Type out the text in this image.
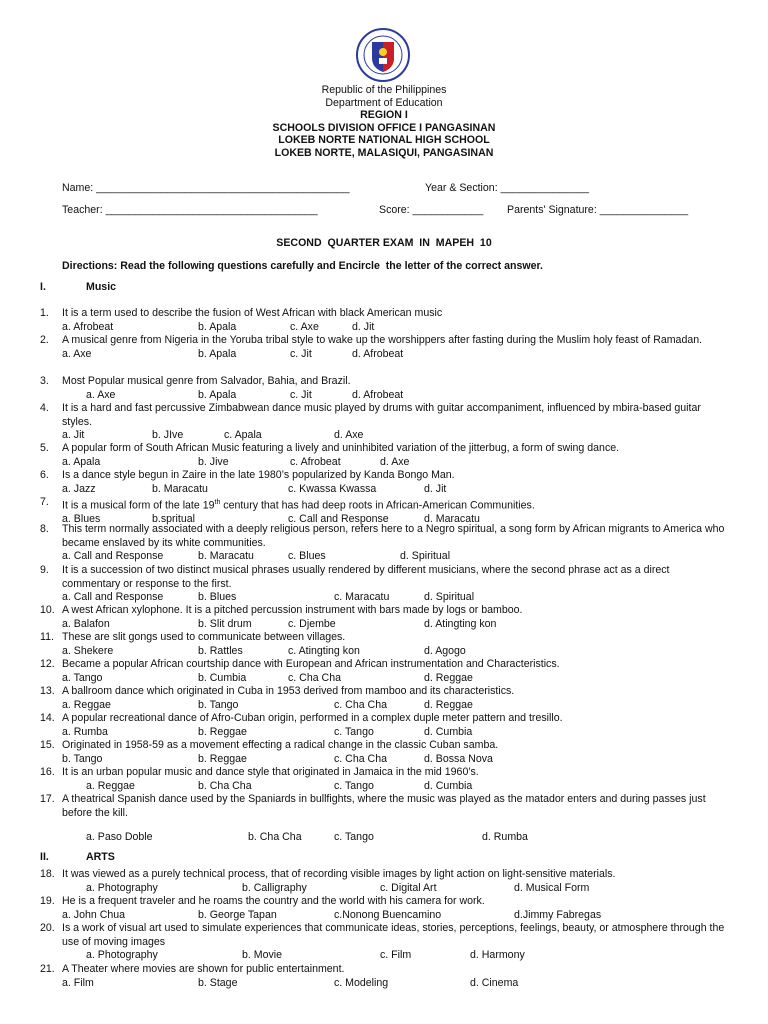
Republic of the Philippines
Department of Education
REGION I
SCHOOLS DIVISION OFFICE I PANGASINAN
LOKEB NORTE NATIONAL HIGH SCHOOL
LOKEB NORTE, MALASIQUI, PANGASINAN
Name: ___________________________________________	Year & Section: _______________
Teacher: ____________________________________	Score: ____________ Parents' Signature: _______________
SECOND  QUARTER EXAM  IN  MAPEH  10
Directions: Read the following questions carefully and Encircle  the letter of the correct answer.
I.	Music
II.	ARTS
1.	It is a term used to describe the fusion of West African with black American music
a. Afrobeat	b. Apala	c. Axe	d. Jit
2.	A musical genre from Nigeria in the Yoruba tribal style to wake up the worshippers after fasting during the Muslim holy feast of Ramadan.
a. Axe	b. Apala	c. Jit	d. Afrobeat
3.	Most Popular musical genre from Salvador, Bahia, and Brazil.
a. Axe	b. Apala	c. Jit	d. Afrobeat
4.	It is a hard and fast percussive Zimbabwean dance music played by drums with guitar accompaniment, influenced by mbira-based guitar styles.
a. Jit	b. JIve	c. Apala	d. Axe
5.	A popular form of South African Music featuring a lively and uninhibited variation of the jitterbug, a form of swing dance.
a. Apala	b. Jive	c. Afrobeat	d. Axe
6.	Is a dance style begun in Zaire in the late 1980’s popularized by Kanda Bongo Man.
a. Jazz	b. Maracatu	c. Kwassa Kwassa	d. Jit
7.	It is a musical form of the late 19th century that has had deep roots in African-American Communities.
a. Blues	b.spritual	c. Call and Response	d. Maracatu
8.	This term normally associated with a deeply religious person, refers here to a Negro spiritual, a song form by African migrants to America who became enslaved by its white communities.
a. Call and Response	b. Maracatu	c. Blues	d. Spiritual
9.	It is a succession of two distinct musical phrases usually rendered by different musicians, where the second phrase act as a direct commentary or response to the first.
a. Call and Response	b. Blues	c. Maracatu	d. Spiritual
10. A west African xylophone. It is a pitched percussion instrument with bars made by logs or bamboo.
a. Balafon	b. Slit drum	c. Djembe	d. Atingting kon
11. These are slit gongs used to communicate between villages.
a. Shekere	b. Rattles	c. Atingting kon	d. Agogo
12. Became a popular African courtship dance with European and African instrumentation and Characteristics.
a. Tango	b. Cumbia	c. Cha Cha	d. Reggae
13. A ballroom dance which originated in Cuba in 1953 derived from mamboo and its characteristics.
a. Reggae	b. Tango	c. Cha Cha	d. Reggae
14. A popular recreational dance of Afro-Cuban origin, performed in a complex duple meter pattern and tresillo.
a. Rumba	b. Reggae	c. Tango	d. Cumbia
15. Originated in 1958-59 as a movement effecting a radical change in the classic Cuban samba.
b. Tango	b. Reggae	c. Cha Cha	d. Bossa Nova
16. It is an urban popular music and dance style that originated in Jamaica in the mid 1960’s.
a. Reggae	b. Cha Cha	c. Tango	d. Cumbia
17. A theatrical Spanish dance used by the Spaniards in bullfights, where the music was played as the matador enters and during passes just before the kill.
a. Paso Doble	b. Cha Cha	c. Tango	d. Rumba
18. It was viewed as a purely technical process, that of recording visible images by light action on light-sensitive materials.
a. Photography	b. Calligraphy	c. Digital Art	d. Musical Form
19. He is a frequent traveler and he roams the country and the world with his camera for work.
a. John Chua	b. George Tapan	c.Nonong Buencamino	d.Jimmy Fabregas
20. Is a work of visual art used to simulate experiences that communicate ideas, stories, perceptions, feelings, beauty, or atmosphere through the use of moving images
a. Photography	b. Movie	c. Film	d. Harmony
21. A Theater where movies are shown for public entertainment.
a. Film	b. Stage	c. Modeling	d. Cinema
